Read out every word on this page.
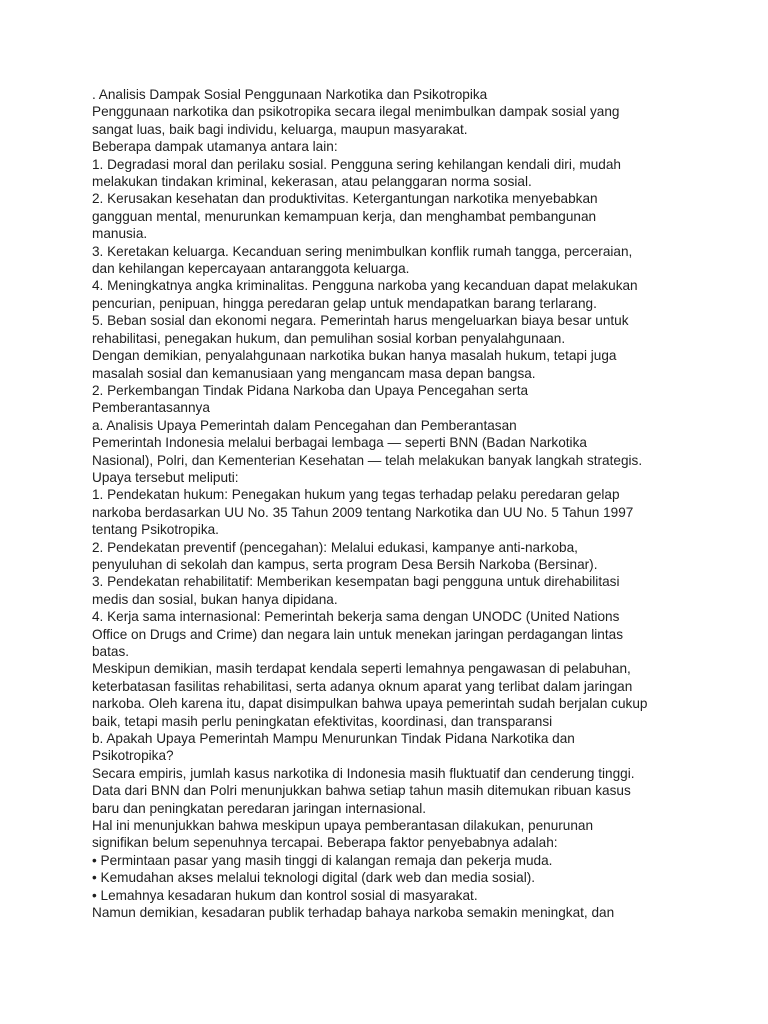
. Analisis Dampak Sosial Penggunaan Narkotika dan Psikotropika
Penggunaan narkotika dan psikotropika secara ilegal menimbulkan dampak sosial yang
sangat luas, baik bagi individu, keluarga, maupun masyarakat.
Beberapa dampak utamanya antara lain:
1. Degradasi moral dan perilaku sosial. Pengguna sering kehilangan kendali diri, mudah
melakukan tindakan kriminal, kekerasan, atau pelanggaran norma sosial.
2. Kerusakan kesehatan dan produktivitas. Ketergantungan narkotika menyebabkan
gangguan mental, menurunkan kemampuan kerja, dan menghambat pembangunan
manusia.
3. Keretakan keluarga. Kecanduan sering menimbulkan konflik rumah tangga, perceraian,
dan kehilangan kepercayaan antaranggota keluarga.
4. Meningkatnya angka kriminalitas. Pengguna narkoba yang kecanduan dapat melakukan
pencurian, penipuan, hingga peredaran gelap untuk mendapatkan barang terlarang.
5. Beban sosial dan ekonomi negara. Pemerintah harus mengeluarkan biaya besar untuk
rehabilitasi, penegakan hukum, dan pemulihan sosial korban penyalahgunaan.
Dengan demikian, penyalahgunaan narkotika bukan hanya masalah hukum, tetapi juga
masalah sosial dan kemanusiaan yang mengancam masa depan bangsa.
2. Perkembangan Tindak Pidana Narkoba dan Upaya Pencegahan serta
Pemberantasannya
a. Analisis Upaya Pemerintah dalam Pencegahan dan Pemberantasan
Pemerintah Indonesia melalui berbagai lembaga — seperti BNN (Badan Narkotika
Nasional), Polri, dan Kementerian Kesehatan — telah melakukan banyak langkah strategis.
Upaya tersebut meliputi:
1. Pendekatan hukum: Penegakan hukum yang tegas terhadap pelaku peredaran gelap
narkoba berdasarkan UU No. 35 Tahun 2009 tentang Narkotika dan UU No. 5 Tahun 1997
tentang Psikotropika.
2. Pendekatan preventif (pencegahan): Melalui edukasi, kampanye anti-narkoba,
penyuluhan di sekolah dan kampus, serta program Desa Bersih Narkoba (Bersinar).
3. Pendekatan rehabilitatif: Memberikan kesempatan bagi pengguna untuk direhabilitasi
medis dan sosial, bukan hanya dipidana.
4. Kerja sama internasional: Pemerintah bekerja sama dengan UNODC (United Nations
Office on Drugs and Crime) dan negara lain untuk menekan jaringan perdagangan lintas
batas.
Meskipun demikian, masih terdapat kendala seperti lemahnya pengawasan di pelabuhan,
keterbatasan fasilitas rehabilitasi, serta adanya oknum aparat yang terlibat dalam jaringan
narkoba. Oleh karena itu, dapat disimpulkan bahwa upaya pemerintah sudah berjalan cukup
baik, tetapi masih perlu peningkatan efektivitas, koordinasi, dan transparansi
b. Apakah Upaya Pemerintah Mampu Menurunkan Tindak Pidana Narkotika dan
Psikotropika?
Secara empiris, jumlah kasus narkotika di Indonesia masih fluktuatif dan cenderung tinggi.
Data dari BNN dan Polri menunjukkan bahwa setiap tahun masih ditemukan ribuan kasus
baru dan peningkatan peredaran jaringan internasional.
Hal ini menunjukkan bahwa meskipun upaya pemberantasan dilakukan, penurunan
signifikan belum sepenuhnya tercapai. Beberapa faktor penyebabnya adalah:
• Permintaan pasar yang masih tinggi di kalangan remaja dan pekerja muda.
• Kemudahan akses melalui teknologi digital (dark web dan media sosial).
• Lemahnya kesadaran hukum dan kontrol sosial di masyarakat.
Namun demikian, kesadaran publik terhadap bahaya narkoba semakin meningkat, dan
